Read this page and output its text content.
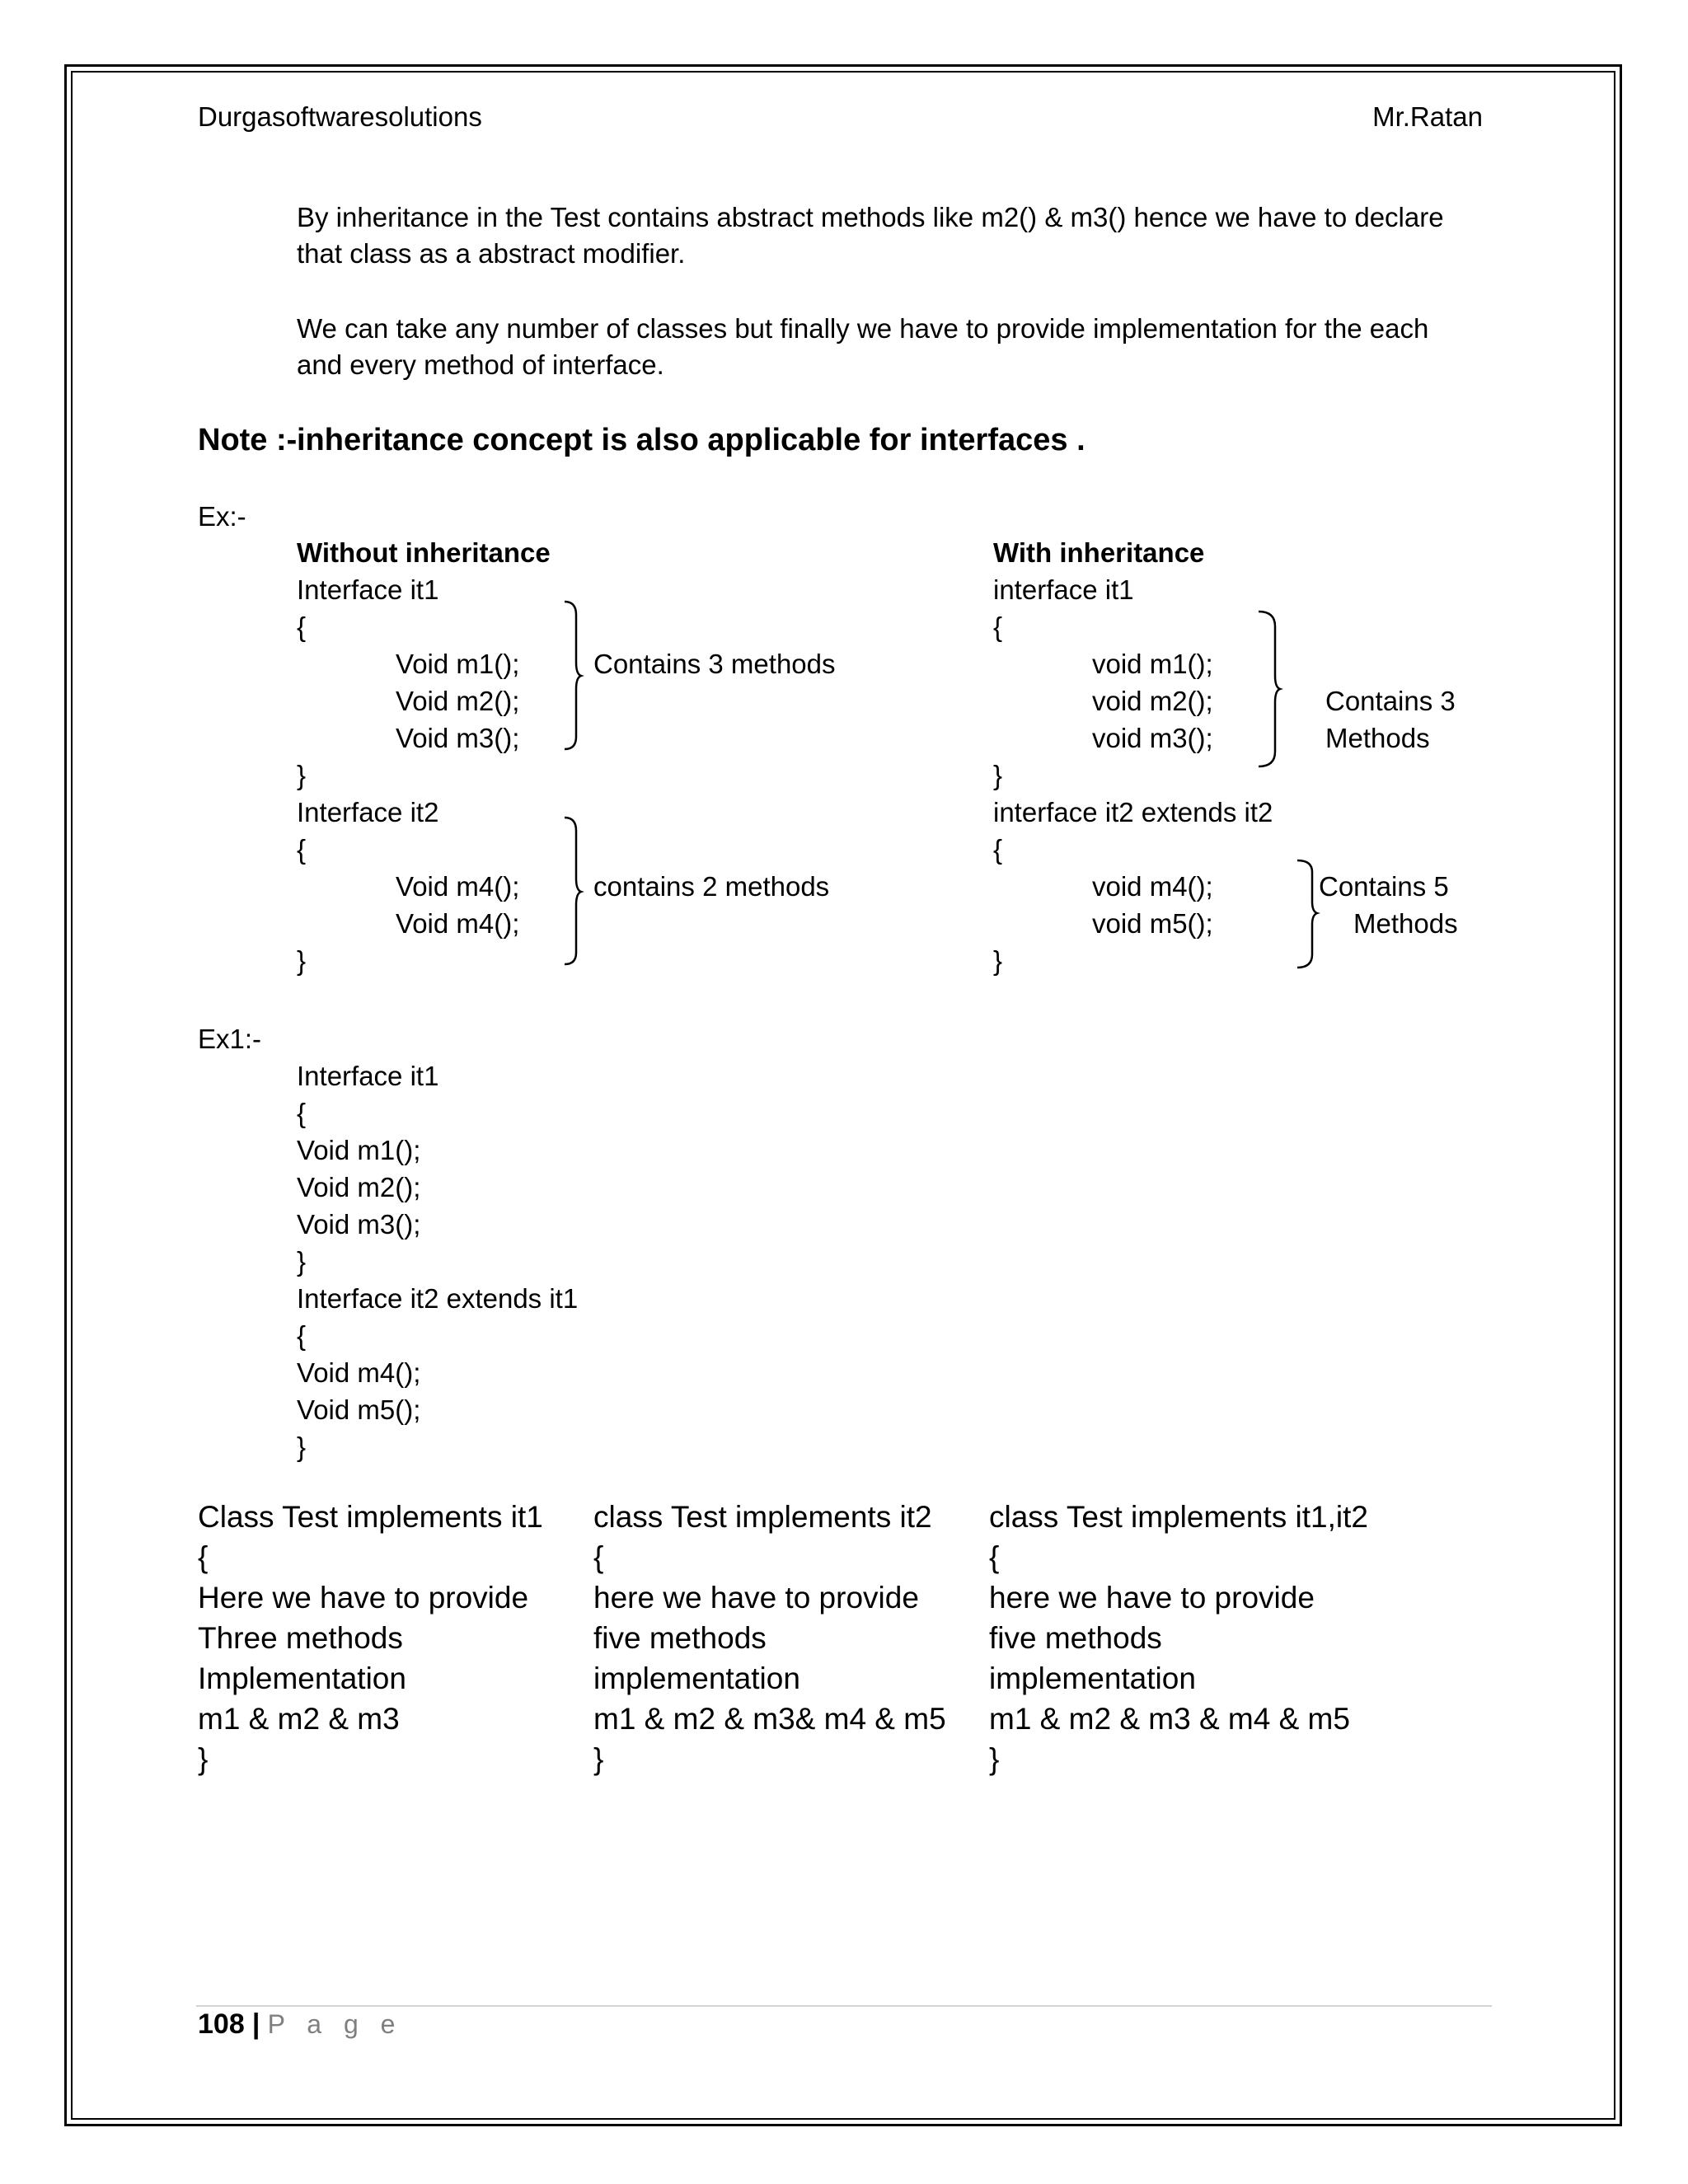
Durgasoftwaresolutions	Mr.Ratan
By inheritance in the Test contains abstract methods like m2() & m3() hence we have to declare
that class as a abstract modifier.
We can take any number of classes but finally we have to provide implementation for the each
and every method of interface.
Note :- inheritance concept is also applicable for interfaces .
Ex:-
Without inheritance
Interface it1
{
Void m1();
Void m2();
Void m3();
}
Contains 3 methods
Interface it2
{
Void m4();
Void m4();
}
contains 2 methods
With inheritance
interface it1
{
void m1();
void m2();
void m3();
}
Contains 3
Methods
interface it2 extends it2
{
void m4();
void m5();
}
Contains 5
Methods
Ex1:-
Interface it1
{
Void m1();
Void m2();
Void m3();
}
Interface it2 extends it1
{
Void m4();
Void m5();
}
Class Test implements it1
{
Here we have to provide
Three methods
Implementation
m1 & m2 & m3
}
class Test implements it2
{
here we have to provide
five methods
implementation
m1 & m2 & m3& m4 & m5
}
class Test implements it1,it2
{
here we have to provide
five methods
implementation
m1 & m2 & m3 & m4 & m5
}
108 | P a g e
